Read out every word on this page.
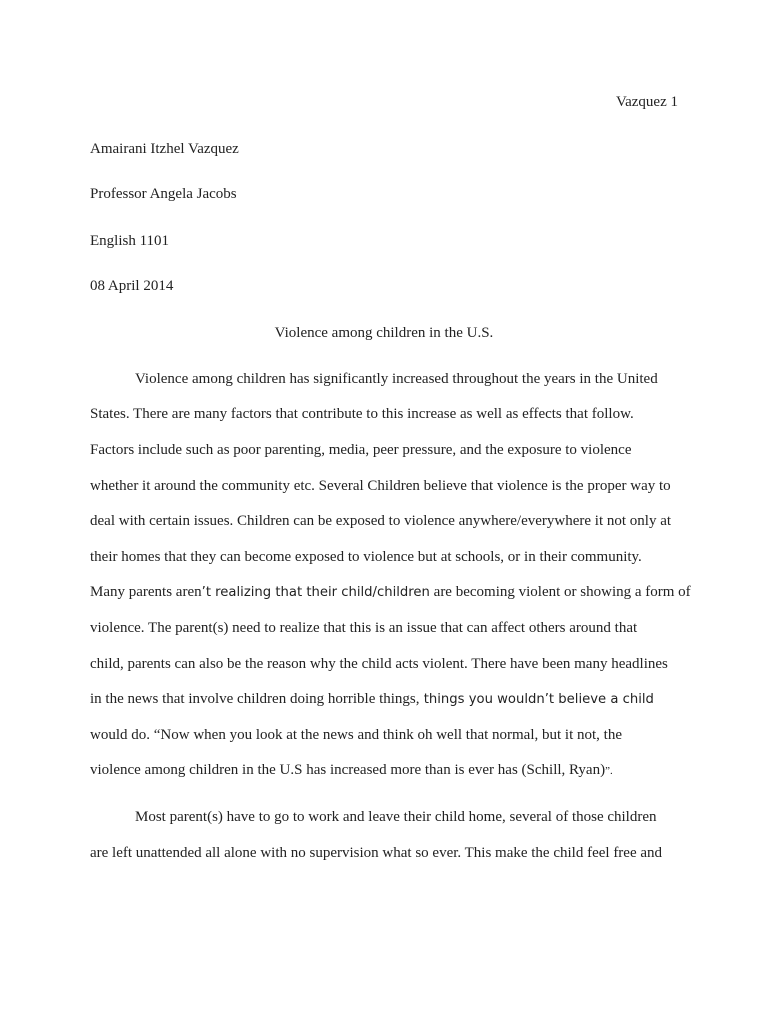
Vazquez 1
Amairani Itzhel Vazquez
Professor Angela Jacobs
English 1101
08 April 2014
Violence among children in the U.S.
Violence among children has significantly increased throughout the years in the United
States. There are many factors that contribute to this increase as well as effects that follow.
Factors include such as poor parenting, media, peer pressure, and the exposure to violence
whether it around the community etc. Several Children believe that violence is the proper way to
deal with certain issues. Children can be exposed to violence anywhere/everywhere it not only at
their homes that they can become exposed to violence but at schools, or in their community.
Many parents aren’t realizing that their child/children are becoming violent or showing a form of
violence. The parent(s) need to realize that this is an issue that can affect others around that
child, parents can also be the reason why the child acts violent. There have been many headlines
in the news that involve children doing horrible things, things you wouldn’t believe a child
would do. “Now when you look at the news and think oh well that normal, but it not, the
violence among children in the U.S has increased more than is ever has (Schill, Ryan)”.
Most parent(s) have to go to work and leave their child home, several of those children
are left unattended all alone with no supervision what so ever. This make the child feel free and
